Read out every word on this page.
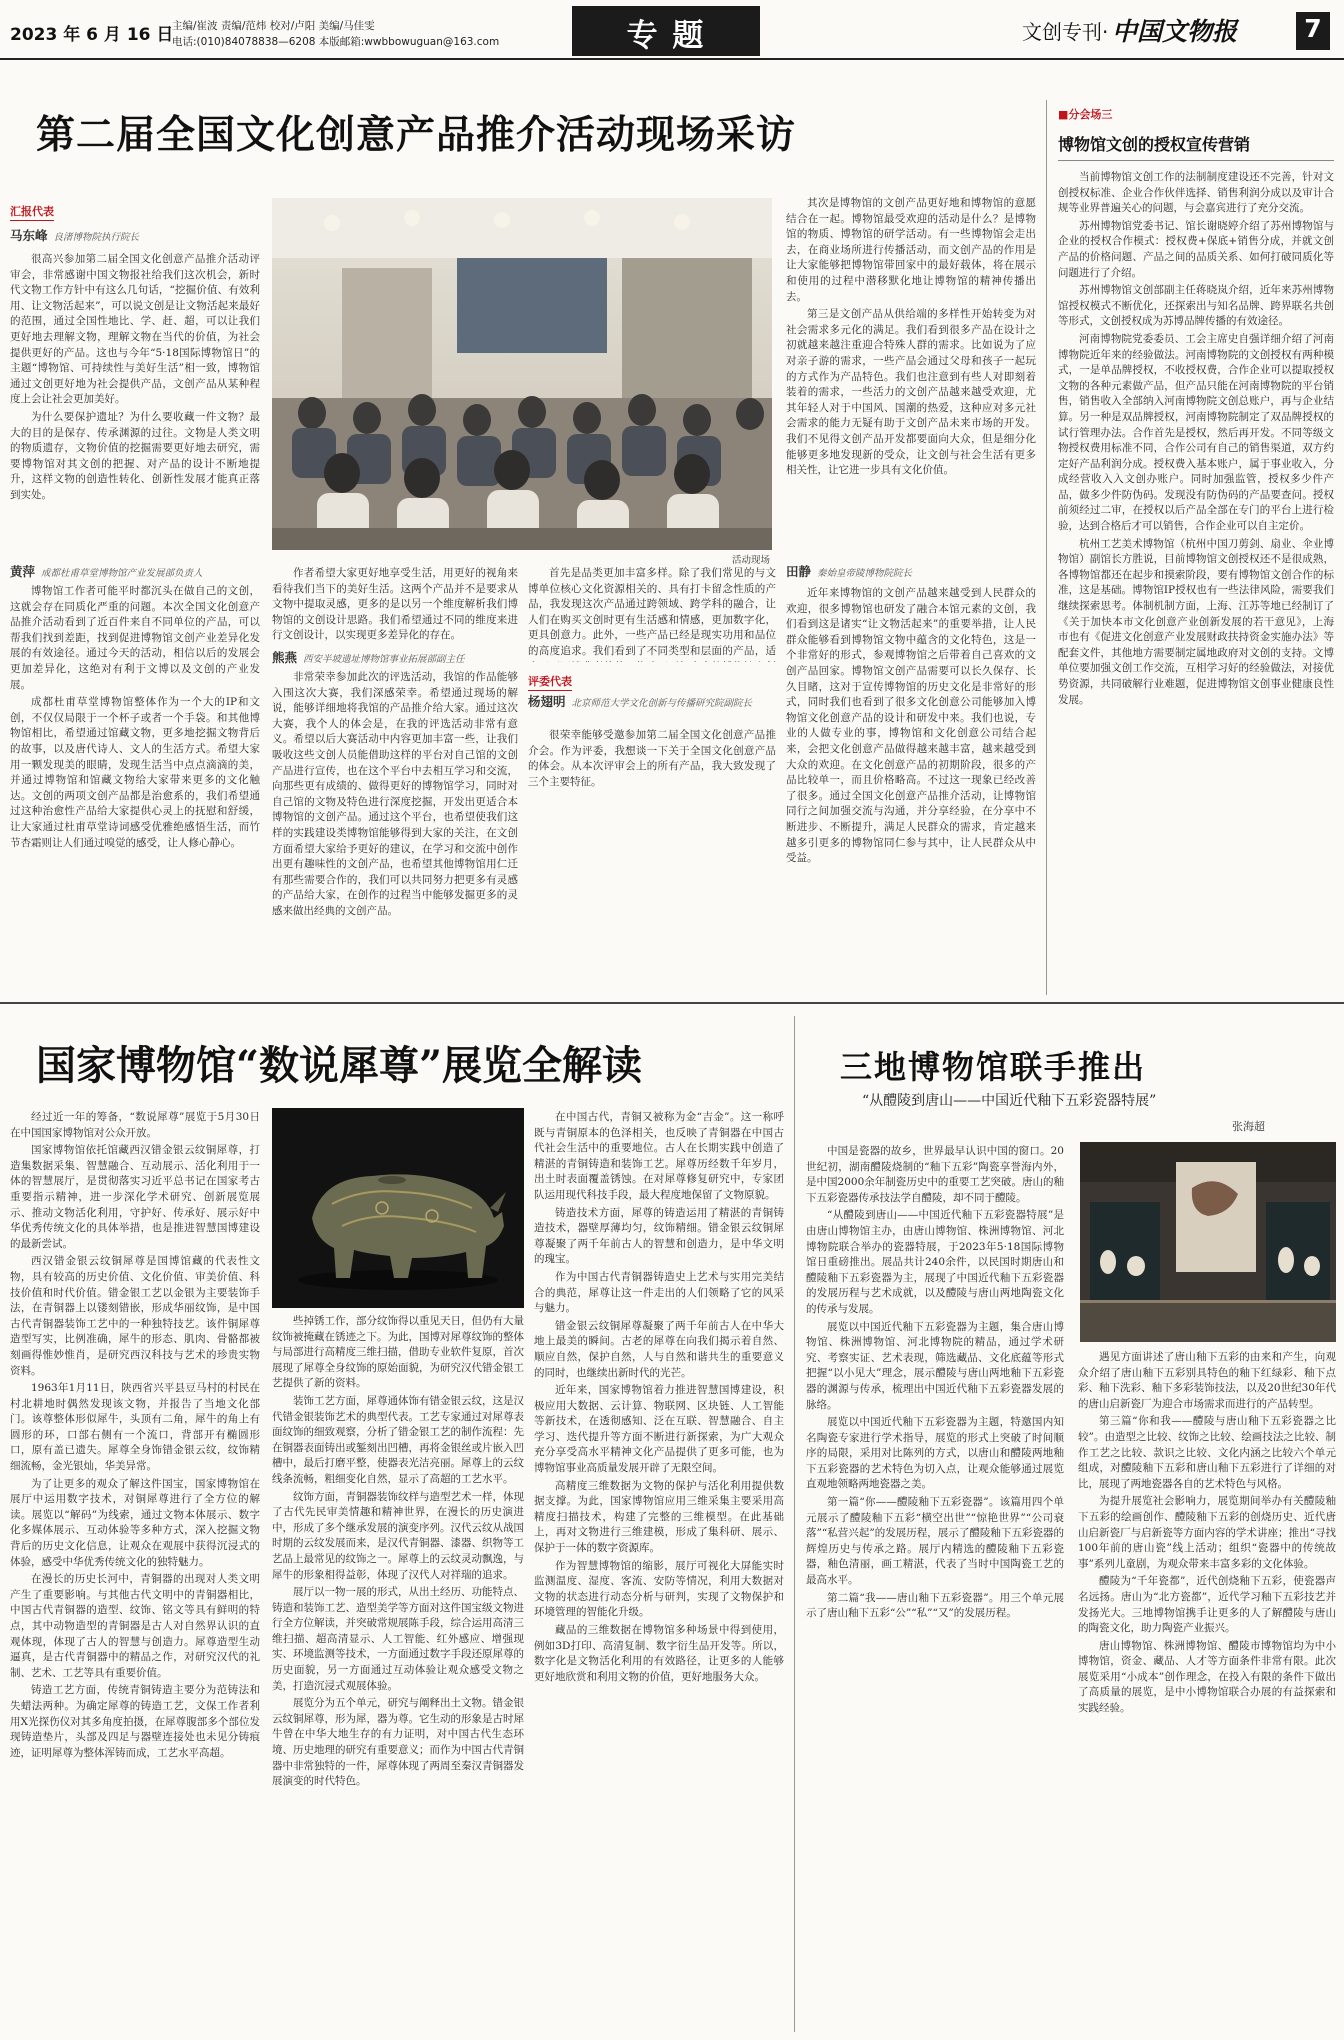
2023 年 6 月 16 日
主编/崔波 责编/范炜 校对/卢阳 美编/马佳雯
电话:(010)84078838—6208 本版邮箱:wwbbowuguan@163.com	专 题	文创专刊· 中国文物报	7
第二届全国文化创意产品推介活动现场采访
汇报代表
马东峰 良渚博物院执行院长

很高兴参加第二届全国文化创意产品推介活动评审会，非常感谢中国文物报社给我们这次机会，新时代文物工作方针中有这么几句话，“挖掘价值、有效利用、让文物活起来”，可以说文创是让文物活起来最好的范围，通过全国性地比、学、赶、超，可以让我们更好地去理解文物，理解文物在当代的价值，为社会提供更好的产品。这也与今年“5·18国际博物馆日”的主题“博物馆、可持续性与美好生活”相一致，博物馆通过文创更好地为社会提供产品，文创产品从某种程度上会让社会更加美好。

为什么要保护遗址？为什么要收藏一件文物？最大的目的是保存、传承渊源的过往。文物是人类文明的物质遗存，文物价值的挖掘需要更好地去研究，需要博物馆对其文创的把握、对产品的设计不断地提升，这样文物的创造性转化、创新性发展才能真正落到实处。

活动现场

其次是博物馆的文创产品更好地和博物馆的意愿结合在一起。博物馆最受欢迎的活动是什么？是博物馆的物质、博物馆的研学活动。有一些博物馆会走出去，在商业场所进行传播活动，而文创产品的作用是让大家能够把博物馆带回家中的最好载体，将在展示和使用的过程中潜移默化地让博物馆的精神传播出去。

第三是文创产品从供给端的多样性开始转变为对社会需求多元化的满足。我们看到很多产品在设计之初就越来越注重迎合特殊人群的需求。比如说为了应对亲子游的需求，一些产品会通过父母和孩子一起玩的方式作为产品特色。我们也注意到有些人对即刻着装着的需求，一些活力的文创产品越来越受欢迎，尤其年轻人对于中国风、国潮的热爱，这种应对多元社会需求的能力无疑有助于文创产品未来市场的开发。我们不见得文创产品开发都要面向大众，但是细分化能够更多地发现新的受众，让文创与社会生活有更多相关性，让它进一步具有文化价值。

黄萍 成都杜甫草堂博物馆产业发展部负责人

博物馆工作者可能平时都沉头在做自己的文创，这就会存在同质化严重的问题。本次全国文化创意产品推介活动看到了近百件来自不同单位的产品，可以帮我们找到差距，找到促进博物馆文创产业差异化发展的有效途径。通过今天的活动，相信以后的发展会更加差异化，这绝对有利于文博以及文创的产业发展。

成都杜甫草堂博物馆整体作为一个大的IP和文创，不仅仅局限于一个杯子或者一个手袋。和其他博物馆相比，希望通过馆藏文物，更多地挖掘文物背后的故事，以及唐代诗人、文人的生活方式。希望大家用一颗发现美的眼睛，发现生活当中点点滴滴的美，并通过博物馆和馆藏文物给大家带来更多的文化触达。文创的两项文创产品都是治愈系的，我们希望通过这种治愈性产品给大家提供心灵上的抚慰和舒缓，让大家通过杜甫草堂诗词感受优雅绝感悟生活，而竹节杏霜则让人们通过嗅觉的感受，让人修心静心。

作者希望大家更好地享受生活，用更好的视角来看待我们当下的美好生活。这两个产品并不是要求从文物中提取灵感，更多的是以另一个维度解析我们博物馆的文创设计思路。我们希望通过不同的维度来进行文创设计，以实现更多差异化的存在。

熊燕 西安半坡遗址博物馆事业拓展部副主任

非常荣幸参加此次的评选活动，我馆的作品能够入围这次大赛，我们深感荣幸。希望通过现场的解说，能够详细地将我馆的产品推介给大家。通过这次大赛，我个人的体会是，在我的评选活动非常有意义。希望以后大赛活动中内容更加丰富一些，让我们吸收这些文创人员能借助这样的平台对自己馆的文创产品进行宣传，也在这个平台中去相互学习和交流，向那些更有成绩的、做得更好的博物馆学习，同时对自己馆的文物及特色进行深度挖掘，开发出更适合本博物馆的文创产品。通过这个平台，也希望使我们这样的实践建设类博物馆能够得到大家的关注，在文创方面希望大家给予更好的建议，在学习和交流中创作出更有趣味性的文创产品，也希望其他博物馆用仁迁有那些需要合作的，我们可以共同努力把更多有灵感的产品给大家，在创作的过程当中能够发掘更多的灵感来做出经典的文创产品。

首先是品类更加丰富多样。除了我们常见的与文博单位核心文化资源相关的、具有打卡留念性质的产品，我发现这次产品通过跨领域、跨学科的融合，让人们在购买文创时更有生活感和情感，更加数字化，更具创意力。此外，一些产品已经是现实功用和品位的高度追求。我们看到了不同类型和层面的产品，适

评委代表
杨翅明 北京师范大学文化创新与传播研究院副院长

很荣幸能够受邀参加第二届全国文化创意产品推介会。作为评委，我想谈一下关于全国文化创意产品的体会。从本次评审会上的所有产品，我大致发现了三个主要特征。

田静 秦始皇帝陵博物院院长

近年来博物馆的文创产品越来越受到人民群众的欢迎，很多博物馆也研发了融合本馆元素的文创，我们看到这是诸实“让文物活起来”的重要举措，让人民群众能够看到博物馆文物中蕴含的文化特色，这是一个非常好的形式，参观博物馆之后带着自己喜欢的文创产品回家。博物馆文创产品需要可以长久保存、长久目睹，这对于宣传博物馆的历史文化是非常好的形式，同时我们也看到了很多文化创意公司能够加入博物馆文化创意产品的设计和研发中来。我们也说，专业的人做专业的事，博物馆和文化创意公司结合起来，会把文化创意产品做得越来越丰富，越来越受到大众的欢迎。在文化创意产品的初期阶段，很多的产品比较单一，而且价格略高。不过这一现象已经改善了很多。通过全国文化创意产品推介活动，让博物馆同行之间加强交流与沟通，并分享经验，在分享中不断进步、不断提升，满足人民群众的需求，肯定越来越多引更多的博物馆同仁参与其中，让人民群众从中受益。

■分会场三
博物馆文创的授权宣传营销

当前博物馆文创工作的法制制度建设还不完善，针对文创授权标准、企业合作伙伴选择、销售利润分成以及审计合规等业界普遍关心的问题，与会嘉宾进行了充分交流。

苏州博物馆党委书记、馆长谢晓婷介绍了苏州博物馆与企业的授权合作模式：授权费+保底+销售分成，并就文创产品的价格问题、产品之间的品质关系、如何打破同质化等问题进行了介绍。

苏州博物馆文创部副主任蒋晓岚介绍，近年来苏州博物馆授权模式不断优化，还探索出与知名品牌、跨界联名共创等形式，文创授权成为苏博品牌传播的有效途径。

河南博物院党委委员、工会主席史自强详细介绍了河南博物院近年来的经验做法。河南博物院的文创授权有两种模式，一是单品牌授权，不收授权费，合作企业可以提取授权文物的各种元素做产品，但产品只能在河南博物院的平台销售，销售收入全部纳入河南博物院文创总账户，再与企业结算。另一种是双品牌授权，河南博物院制定了双品牌授权的试行管理办法。合作首先是授权，然后再开发。不同等级文物授权费用标准不同，合作公司有自己的销售渠道，双方约定好产品利润分成。授权费入基本账户，属于事业收入，分成经营收入入文创办账户。同时加强监管，授权多少件产品，做多少件防伪码。发现没有防伪码的产品要查问。授权前须经过二审，在授权以后产品全部在专门的平台上进行检验，达到合格后才可以销售，合作企业可以自主定价。

杭州工艺美术博物馆（杭州中国刀剪剑、扇业、伞业博物馆）副馆长方胜说，目前博物馆文创授权还不是很成熟，各博物馆都还在起步和摸索阶段，要有博物馆文创合作的标准，这是基础。博物馆IP授权也有一些法律风险，需要我们继续探索思考。体制机制方面，上海、江苏等地已经制订了《关于加快本市文化创意产业创新发展的若干意见》，上海市也有《促进文化创意产业发展财政扶持资金实施办法》等配套文件，其他地方需要制定属地政府对文创的支持。文博单位要加强文创工作交流，互相学习好的经验做法，对接优势资源，共同破解行业难题，促进博物馆文创事业健康良性发展。

国家博物馆“数说犀尊”展览全解读

经过近一年的筹备，“数说犀尊”展览于5月30日在中国国家博物馆对公众开放。

国家博物馆依托馆藏西汉错金银云纹铜犀尊，打造集数据采集、智慧融合、互动展示、活化利用于一体的智慧展厅，是贯彻落实习近平总书记在国家考古重要指示精神，进一步深化学术研究、创新展览展示、推动文物活化利用，守护好、传承好、展示好中华优秀传统文化的具体举措，也是推进智慧国博建设的最新尝试。

西汉错金银云纹铜犀尊是国博馆藏的代表性文物，具有较高的历史价值、文化价值、审美价值、科技价值和时代价值。错金银工艺以金银为主要装饰手法，在青铜器上以镂刻错嵌，形成华丽纹饰，是中国古代青铜器装饰工艺中的一种独特技艺。该件铜犀尊造型写实，比例准确，犀牛的形态、肌肉、骨骼都被刻画得惟妙惟肖，是研究西汉科技与艺术的珍贵实物资料。

1963年1月11日，陕西省兴平县豆马村的村民在村北耕地时偶然发现该文物，并报告了当地文化部门。该尊整体形似犀牛，头顶有二角，犀牛的角上有圆形的环，口部右侧有一个流口，背部开有椭圆形口，原有盖已遗失。犀尊全身饰错金银云纹，纹饰精细流畅，金光银灿，华美异常。

为了让更多的观众了解这件国宝，国家博物馆在展厅中运用数字技术，对铜犀尊进行了全方位的解读。展览以“解码”为线索，通过文物本体展示、数字化多媒体展示、互动体验等多种方式，深入挖掘文物背后的历史文化信息，让观众在观展中获得沉浸式的体验，感受中华优秀传统文化的独特魅力。

在漫长的历史长河中，青铜器的出现对人类文明产生了重要影响。与其他古代文明中的青铜器相比，中国古代青铜器的造型、纹饰、铭文等具有鲜明的特点，其中动物造型的青铜器是古人对自然界认识的直观体现，体现了古人的智慧与创造力。犀尊造型生动逼真，是古代青铜器中的精品之作，对研究汉代的礼制、艺术、工艺等具有重要价值。

铸造工艺方面，传统青铜铸造主要分为范铸法和失蜡法两种。为确定犀尊的铸造工艺，文保工作者利用X光探伤仪对其多角度拍摄，在犀尊腹部多个部位发现铸造垫片，头部及四足与器壁连接处也未见分铸痕迹，证明犀尊为整体浑铸而成，工艺水平高超。

些掉锈工作，部分纹饰得以重见天日，但仍有大量纹饰被掩藏在锈迹之下。为此，国博对犀尊纹饰的整体与局部进行高精度三维扫描，借助专业软件复原，首次展现了犀尊全身纹饰的原始面貌，为研究汉代错金银工艺提供了新的资料。

装饰工艺方面，犀尊通体饰有错金银云纹，这是汉代错金银装饰艺术的典型代表。工艺专家通过对犀尊表面纹饰的细致观察，分析了错金银工艺的制作流程：先在铜器表面铸出或錾刻出凹槽，再将金银丝或片嵌入凹槽中，最后打磨平整，使器表光洁亮丽。犀尊上的云纹线条流畅，粗细变化自然，显示了高超的工艺水平。

纹饰方面，青铜器装饰纹样与造型艺术一样，体现了古代先民审美情趣和精神世界，在漫长的历史演进中，形成了多个继承发展的演变序列。汉代云纹从战国时期的云纹发展而来，是汉代青铜器、漆器、织物等工艺品上最常见的纹饰之一。犀尊上的云纹灵动飘逸，与犀牛的形象相得益彰，体现了汉代人对祥瑞的追求。

展厅以一物一展的形式，从出土经历、功能特点、铸造和装饰工艺、造型美学等方面对这件国宝级文物进行全方位解读，并突破常规展陈手段，综合运用高清三维扫描、超高清显示、人工智能、红外感应、增强现实、环境监测等技术，一方面通过数字手段还原犀尊的历史面貌，另一方面通过互动体验让观众感受文物之美，打造沉浸式观展体验。

展览分为五个单元，研究与阐释出土文物。错金银云纹铜犀尊，形为犀，器为尊。它生动的形象是古时犀牛曾在中华大地生存的有力证明，对中国古代生态环境、历史地理的研究有重要意义；而作为中国古代青铜器中非常独特的一件，犀尊体现了两周至秦汉青铜器发展演变的时代特色。

在中国古代，青铜又被称为金“吉金”。这一称呼既与青铜原本的色泽相关，也反映了青铜器在中国古代社会生活中的重要地位。古人在长期实践中创造了精湛的青铜铸造和装饰工艺。犀尊历经数千年岁月，出土时表面覆盖锈蚀。在对犀尊修复研究中，专家团队运用现代科技手段，最大程度地保留了文物原貌。

铸造技术方面，犀尊的铸造运用了精湛的青铜铸造技术，器壁厚薄均匀，纹饰精细。错金银云纹铜犀尊凝聚了两千年前古人的智慧和创造力，是中华文明的瑰宝。

作为中国古代青铜器铸造史上艺术与实用完美结合的典范，犀尊让这一件走出的人们领略了它的风采与魅力。

错金银云纹铜犀尊凝聚了两千年前古人在中华大地上最美的瞬间。古老的犀尊在向我们揭示着自然、顺应自然，保护自然，人与自然和谐共生的重要意义的同时，也继续出新时代的光芒。

近年来，国家博物馆着力推进智慧国博建设，积极应用大数据、云计算、物联网、区块链、人工智能等新技术，在透彻感知、泛在互联、智慧融合、自主学习、迭代提升等方面不断进行新探索，为广大观众充分享受高水平精神文化产品提供了更多可能，也为博物馆事业高质量发展开辟了无限空间。

高精度三维数据为文物的保护与活化利用提供数据支撑。为此，国家博物馆应用三维采集主要采用高精度扫描技术，构建了完整的三维模型。在此基础上，再对文物进行三维建模，形成了集科研、展示、保护于一体的数字资源库。

作为智慧博物馆的缩影，展厅可视化大屏能实时监测温度、湿度、客流、安防等情况，利用大数据对文物的状态进行动态分析与研判，实现了文物保护和环境管理的智能化升级。

藏品的三维数据在博物馆多种场景中得到使用，例如3D打印、高清复制、数字衍生品开发等。所以，数字化是文物活化利用的有效路径，让更多的人能够更好地欣赏和利用文物的价值，更好地服务大众。

三地博物馆联手推出
“从醴陵到唐山——中国近代釉下五彩瓷器特展”
张海超

中国是瓷器的故乡，世界最早认识中国的窗口。20世纪初，湖南醴陵烧制的“釉下五彩”陶瓷享誉海内外，是中国2000余年制瓷历史中的重要工艺突破。唐山的釉下五彩瓷器传承技法学自醴陵，却不同于醴陵。

“从醴陵到唐山——中国近代釉下五彩瓷器特展”是由唐山博物馆主办，由唐山博物馆、株洲博物馆、河北博物院联合举办的瓷器特展，于2023年5·18国际博物馆日重磅推出。展品共计240余件，以民国时期唐山和醴陵釉下五彩瓷器为主，展现了中国近代釉下五彩瓷器的发展历程与艺术成就，以及醴陵与唐山两地陶瓷文化的传承与发展。

展览以中国近代釉下五彩瓷器为主题，集合唐山博物馆、株洲博物馆、河北博物院的精品，通过学术研究、考察实证、艺术表现，筛选藏品、文化底蕴等形式把握“以小见大”理念，展示醴陵与唐山两地釉下五彩瓷器的渊源与传承，梳理出中国近代釉下五彩瓷器发展的脉络。

展览以中国近代釉下五彩瓷器为主题，特邀国内知名陶瓷专家进行学术指导，展览的形式上突破了时间顺序的局限，采用对比陈列的方式，以唐山和醴陵两地釉下五彩瓷器的艺术特色为切入点，让观众能够通过展览直观地领略两地瓷器之美。

第一篇“你——醴陵釉下五彩瓷器”。该篇用四个单元展示了醴陵釉下五彩“横空出世”“惊艳世界”“公司衰落”“私营兴起”的发展历程，展示了醴陵釉下五彩瓷器的辉煌历史与传承之路。展厅内精选的醴陵釉下五彩瓷器，釉色清丽，画工精湛，代表了当时中国陶瓷工艺的最高水平。

第二篇“我——唐山釉下五彩瓷器”。用三个单元展示了唐山釉下五彩“公”“私”“又”的发展历程。

遇见方面讲述了唐山釉下五彩的由来和产生，向观众介绍了唐山釉下五彩别具特色的釉下红绿彩、釉下点彩、釉下洗彩、釉下多彩装饰技法，以及20世纪30年代的唐山启新瓷厂为迎合市场需求而进行的产品转型。

第三篇“你和我——醴陵与唐山釉下五彩瓷器之比较”。由造型之比较、纹饰之比较、绘画技法之比较、制作工艺之比较、款识之比较、文化内涵之比较六个单元组成，对醴陵釉下五彩和唐山釉下五彩进行了详细的对比，展现了两地瓷器各自的艺术特色与风格。

为提升展览社会影响力，展览期间举办有关醴陵釉下五彩的绘画创作、醴陵釉下五彩的创烧历史、近代唐山启新瓷厂与启新瓷等方面内容的学术讲座；推出“寻找100年前的唐山瓷”线上活动；组织“瓷器中的传统故事”系列儿童剧，为观众带来丰富多彩的文化体验。

醴陵为“千年瓷都”，近代创烧釉下五彩，使瓷器声名远扬。唐山为“北方瓷都”，近代学习釉下五彩技艺并发扬光大。三地博物馆携手让更多的人了解醴陵与唐山的陶瓷文化，助力陶瓷产业振兴。

唐山博物馆、株洲博物馆、醴陵市博物馆均为中小博物馆，资金、藏品、人才等方面条件非常有限。此次展览采用“小成本”创作理念，在投入有限的条件下做出了高质量的展览，是中小博物馆联合办展的有益探索和实践经验。
